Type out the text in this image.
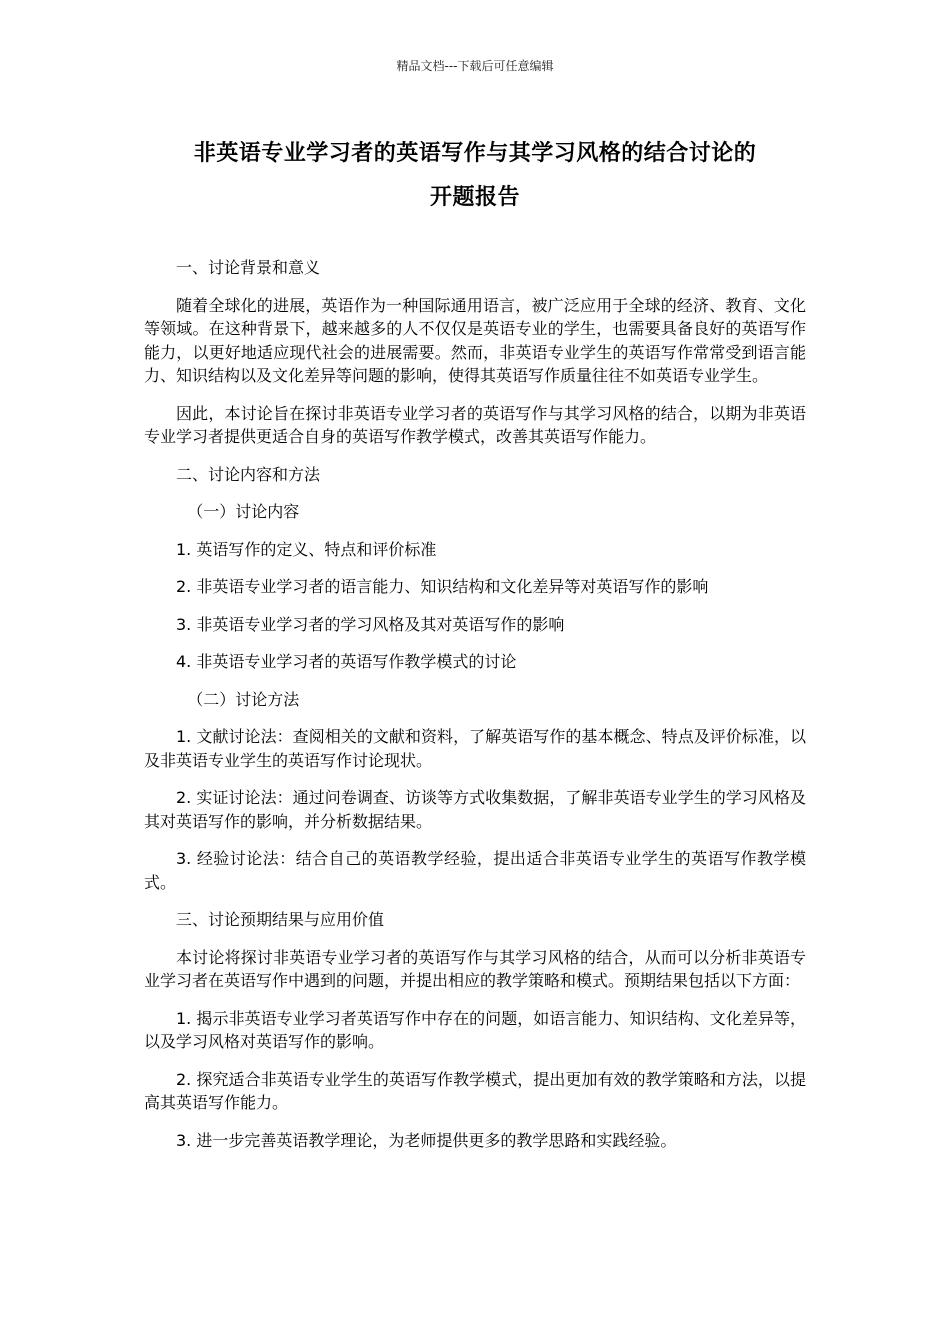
精品文档---下载后可任意编辑
非英语专业学习者的英语写作与其学习风格的结合讨论的
开题报告

一、讨论背景和意义

随着全球化的进展，英语作为一种国际通用语言，被广泛应用于全球的经济、教育、文化等领域。在这种背景下，越来越多的人不仅仅是英语专业的学生，也需要具备良好的英语写作能力，以更好地适应现代社会的进展需要。然而，非英语专业学生的英语写作常常受到语言能力、知识结构以及文化差异等问题的影响，使得其英语写作质量往往不如英语专业学生。

因此，本讨论旨在探讨非英语专业学习者的英语写作与其学习风格的结合，以期为非英语专业学习者提供更适合自身的英语写作教学模式，改善其英语写作能力。

二、讨论内容和方法

（一）讨论内容

1. 英语写作的定义、特点和评价标准

2. 非英语专业学习者的语言能力、知识结构和文化差异等对英语写作的影响

3. 非英语专业学习者的学习风格及其对英语写作的影响

4. 非英语专业学习者的英语写作教学模式的讨论

（二）讨论方法

1. 文献讨论法：查阅相关的文献和资料，了解英语写作的基本概念、特点及评价标准，以及非英语专业学生的英语写作讨论现状。

2. 实证讨论法：通过问卷调查、访谈等方式收集数据，了解非英语专业学生的学习风格及其对英语写作的影响，并分析数据结果。

3. 经验讨论法：结合自己的英语教学经验，提出适合非英语专业学生的英语写作教学模式。

三、讨论预期结果与应用价值

本讨论将探讨非英语专业学习者的英语写作与其学习风格的结合，从而可以分析非英语专业学习者在英语写作中遇到的问题，并提出相应的教学策略和模式。预期结果包括以下方面：

1. 揭示非英语专业学习者英语写作中存在的问题，如语言能力、知识结构、文化差异等，以及学习风格对英语写作的影响。

2. 探究适合非英语专业学生的英语写作教学模式，提出更加有效的教学策略和方法，以提高其英语写作能力。

3. 进一步完善英语教学理论，为老师提供更多的教学思路和实践经验。
